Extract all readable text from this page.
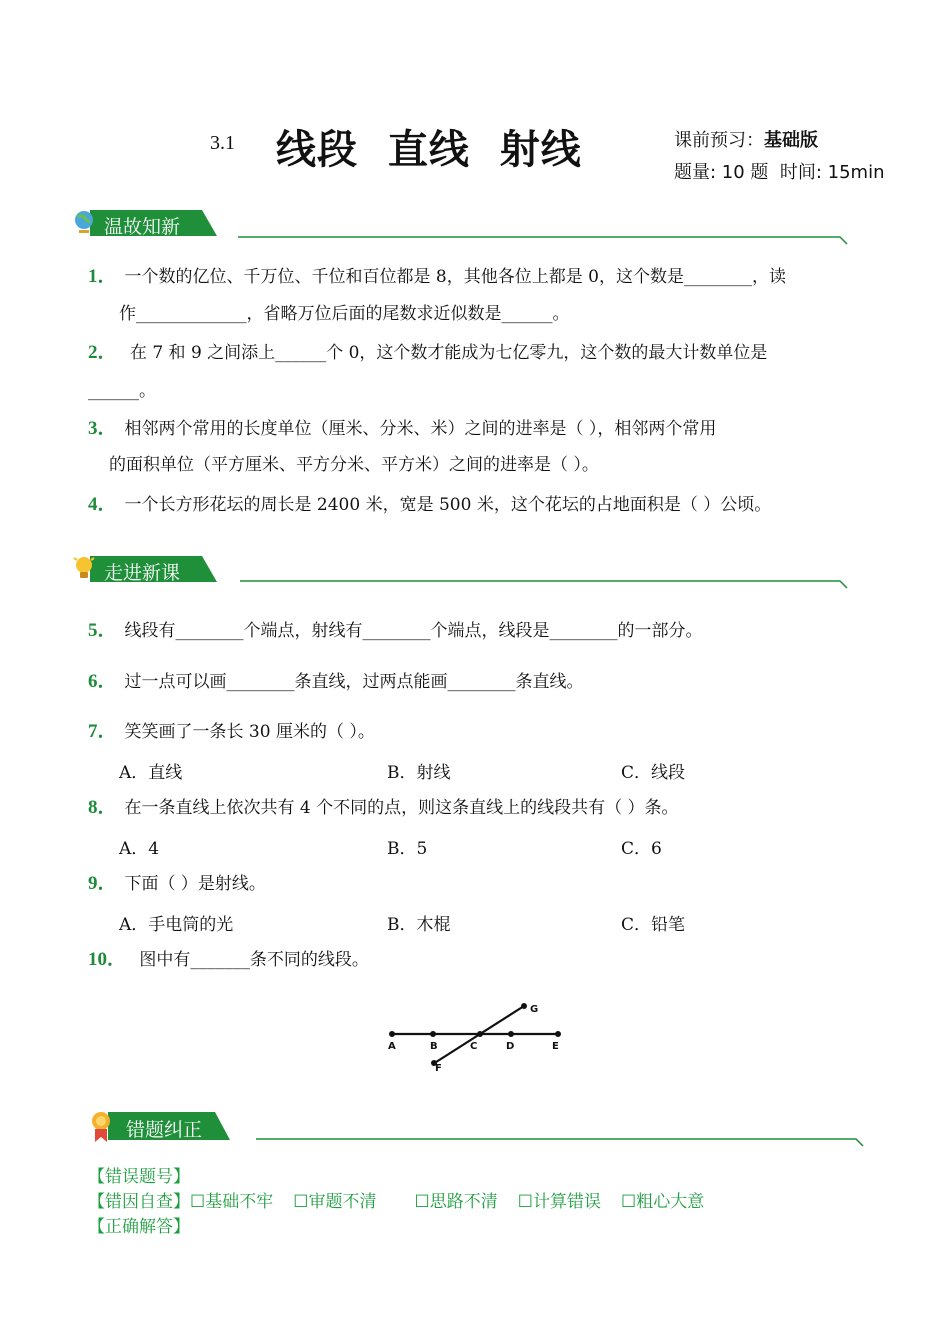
3.1 线段  直线  射线	课前预习：基础版
题量: 10 题  时间: 15min
温故知新
1． 一个数的亿位、千万位、千位和百位都是 8，其他各位上都是 0，这个数是________，读
作_____________，省略万位后面的尾数求近似数是______。
2． 在 7 和 9 之间添上______个 0，这个数才能成为七亿零九，这个数的最大计数单位是
______。
3． 相邻两个常用的长度单位（厘米、分米、米）之间的进率是（ ），相邻两个常用
的面积单位（平方厘米、平方分米、平方米）之间的进率是（ ）。
4． 一个长方形花坛的周长是 2400 米，宽是 500 米，这个花坛的占地面积是（ ）公顷。
走进新课
5． 线段有________个端点，射线有________个端点，线段是________的一部分。
6． 过一点可以画________条直线，过两点能画________条直线。
7． 笑笑画了一条长 30 厘米的（ ）。
A．直线	B．射线	C．线段
8． 在一条直线上依次共有 4 个不同的点，则这条直线上的线段共有（ ）条。
A．4	B．5	C．6
9． 下面（ ）是射线。
A．手电筒的光	B．木棍	C．铅笔
10． 图中有_______条不同的线段。
A	B	C	D	E
F
G
错题纠正
【错误题号】
【错因自查】☐基础不牢 ☐审题不清 ☐思路不清 ☐计算错误 ☐粗心大意
【正确解答】
